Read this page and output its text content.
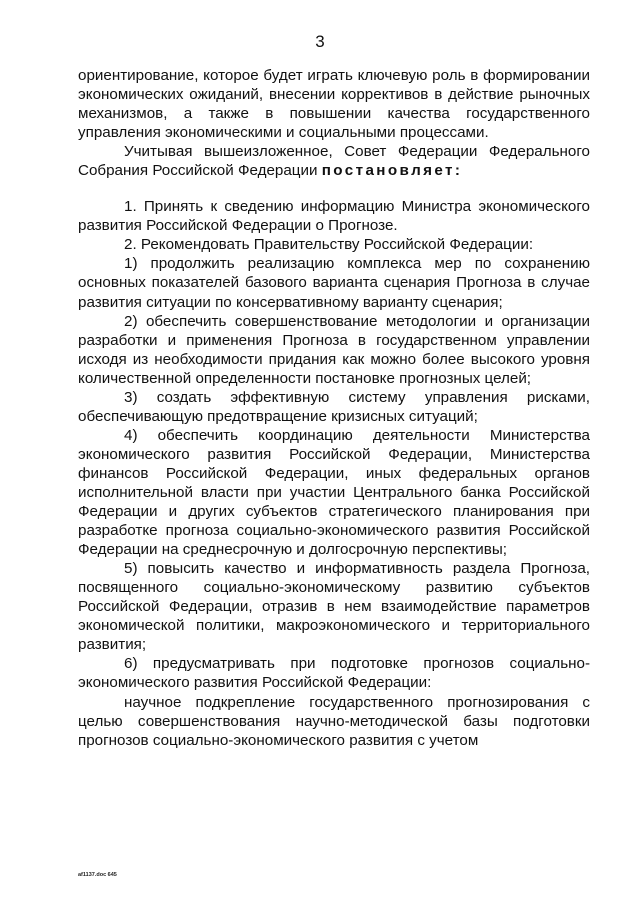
3

ориентирование, которое будет играть ключевую роль в формировании экономических ожиданий, внесении коррективов в действие рыночных механизмов, а также в повышении качества государственного управления экономическими и социальными процессами.

Учитывая вышеизложенное, Совет Федерации Федерального Собрания Российской Федерации постановляет:

1. Принять к сведению информацию Министра экономического развития Российской Федерации о Прогнозе.

2. Рекомендовать Правительству Российской Федерации:

1) продолжить реализацию комплекса мер по сохранению основных показателей базового варианта сценария Прогноза в случае развития ситуации по консервативному варианту сценария;

2) обеспечить совершенствование методологии и организации разработки и применения Прогноза в государственном управлении исходя из необходимости придания как можно более высокого уровня количественной определенности постановке прогнозных целей;

3) создать эффективную систему управления рисками, обеспечивающую предотвращение кризисных ситуаций;

4) обеспечить координацию деятельности Министерства экономического развития Российской Федерации, Министерства финансов Российской Федерации, иных федеральных органов исполнительной власти при участии Центрального банка Российской Федерации и других субъектов стратегического планирования при разработке прогноза социально-экономического развития Российской Федерации на среднесрочную и долгосрочную перспективы;

5) повысить качество и информативность раздела Прогноза, посвященного социально-экономическому развитию субъектов Российской Федерации, отразив в нем взаимодействие параметров экономической политики, макроэкономического и территориального развития;

6) предусматривать при подготовке прогнозов социально-экономического развития Российской Федерации:

научное подкрепление государственного прогнозирования с целью совершенствования научно-методической базы подготовки прогнозов социально-экономического развития с учетом

af1137.doc 645
